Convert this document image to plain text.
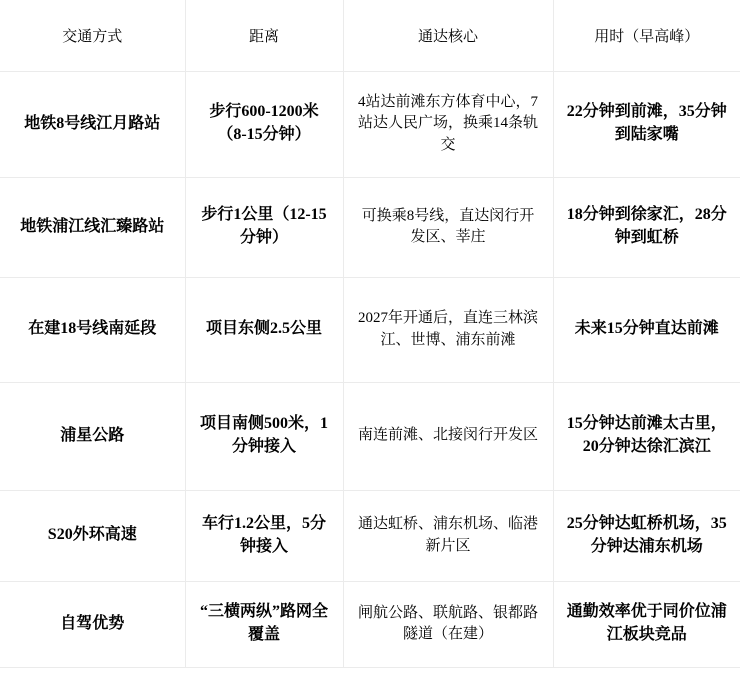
交通方式	距离	通达核心	用时（早高峰）
地铁8号线江月路站	步行600-1200米（8-15分钟）	4站达前滩东方体育中心，7站达人民广场，换乘14条轨交	22分钟到前滩，35分钟到陆家嘴
地铁浦江线汇臻路站	步行1公里（12-15分钟）	可换乘8号线，直达闵行开发区、莘庄	18分钟到徐家汇，28分钟到虹桥
在建18号线南延段	项目东侧2.5公里	2027年开通后，直连三林滨江、世博、浦东前滩	未来15分钟直达前滩
浦星公路	项目南侧500米，1分钟接入	南连前滩、北接闵行开发区	15分钟达前滩太古里，20分钟达徐汇滨江
S20外环高速	车行1.2公里，5分钟接入	通达虹桥、浦东机场、临港新片区	25分钟达虹桥机场，35分钟达浦东机场
自驾优势	“三横两纵”路网全覆盖	闸航公路、联航路、银都路隧道（在建）	通勤效率优于同价位浦江板块竞品
